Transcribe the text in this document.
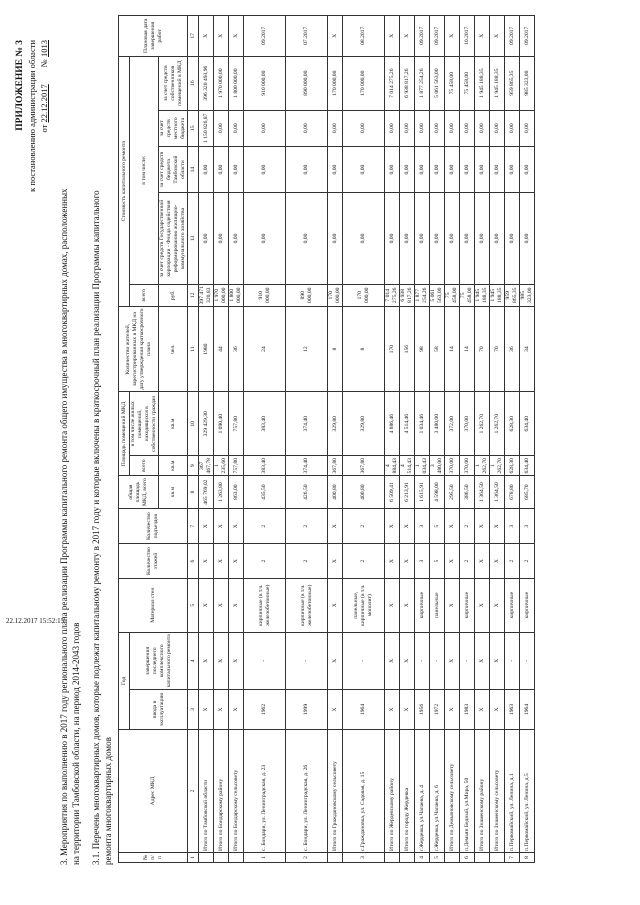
ПРИЛОЖЕНИЕ № 3 к постановлению администрации области от 22.12.2017        № 1013
3. Мероприятия по выполнению в 2017 году регионального плана реализации Программы капитального ремонта общего имущества в многоквартирных домах, расположенных на территории Тамбовской области, на период 2014-2043 годов 3.1. Перечень многоквартирных домов, которые подлежат капитальному ремонту в 2017 году и которые включены в краткосрочный план реализации Программы капитального ремонта многоквартирных домов	№ п/п	Адрес МКД	Год		Материал стен	Количество этажей	Количество подъездов	общая площадь МКД, всего	Площадь помещений МКД		Количество жителей, зарегистрированных в МКД на дату утверждения краткосрочного плана	Стоимость капитального ремонта					Плановая дата завершения работ
		ввода в эксплуатацию	завершения последнего комплексного капитального ремонта					всего	в том числе жилых помещений, находящихся в собственности граждан		всего	в том числе:				
							кв.м	кв.м	кв.м	чел.	руб.	за счет средств Государственной корпорации - Фонда содействия реформированию жилищно-коммунального хозяйства	за счет средств бюджета Тамбовской области	за счет средств местного бюджета	за счет средств собственников помещений в МКД	
1	2	3	4	5	6	7	8	9	10	11	12	13	14	15	16	17
	Итого по Тамбовской области	Х	Х	Х	Х	Х	465 769,02	367 467,78	329 429,30	1980	397 471 320,83	0,00	0,00	1 150 826,87	396 320 493,96	Х
	Итого по Бондарскому району	Х	Х	Х	Х	Х	1 263,80	1 235,60	1 090,40	44	1 970 000,00	0,00	0,00	0,00	1 970 000,00	Х
	Итого по Бондарскому сельсовету	Х	Х	Х	Х	Х	863,00	757,80	757,80	36	1 800 000,00	0,00	0,00	0,00	1 800 000,00	Х
1	с. Бондари, ул. Ленинградская, д. 23	1962	-	кирпичные (в т.ч. железобетонные)	2	2	435,50	383,40	383,40	24	910 000,00	0,00	0,00	0,00	910 000,00	09.2017
2	с. Бондари, ул. Ленинградская, д. 26	1999	-	кирпичные (в т.ч. железобетонные)	2	2	426,50	374,40	374,40	12	890 000,00	0,00	0,00	0,00	890 000,00	07.2017
	Итого по Граждановскому сельсовету	Х	Х	Х	Х	Х	400,80	367,80	329,80	8	170 000,00	0,00	0,00	0,00	170 000,00	Х
3	с.Граждановка, ул. Садовая, д. 15	1964	-	панельные, кирпичные (в т.ч. монолит)	2	2	400,80	367,80	329,80	8	170 000,00	0,00	0,00	0,00	170 000,00	08.2017
	Итого по Жердевскому району	Х	Х	Х	Х	Х	6 509,41	4 884,43	4 886,46	170	7 014 275,26	0,00	0,00	0,00	7 014 275,26	Х
	Итого по городу Жердевка	Х	Х	Х	Х	Х	6 213,91	4 514,43	4 514,46	156	6 938 817,26	0,00	0,00	0,00	6 938 817,26	Х
4	г.Жердевка, ул.Чапаева, д. 4	1956	-	кирпичные	3	3	1 615,91	1 034,43	1 034,46	98	1 877 254,26	0,00	0,00	0,00	1 877 254,26	09.2017
5	г.Жердевка, ул.Чапаева, д. 6	1972	-	панельные	5	5	4 598,00	3 480,00	3 480,00	58	5 061 563,00	0,00	0,00	0,00	5 061 563,00	09.2017
	Итого по Демьяновскому сельсовету	Х	Х	Х	Х	Х	295,50	370,00	372,00	14	75 458,00	0,00	0,00	0,00	75 458,00	Х
6	п.Демьян Бедный, ул.Мира, 50	1983	-	кирпичные	2	2	386,50	370,00	370,00	14	75 458,00	0,00	0,00	0,00	75 458,00	10.2017
	Итого по Знаменскому району	Х	Х	Х	Х	Х	1 364,50	1 262,70	1 262,70	70	1 945 188,35	0,00	0,00	0,00	1 945 188,35	Х
	Итого по Знаменскому сельсовету	Х	Х	Х	Х	Х	1 364,50	1 262,70	1 262,70	70	1 945 188,35	0,00	0,00	0,00	1 945 188,35	Х
7	п.Первомайский, ул. Ленина, д.1	1963	-	кирпичные	2	3	678,80	628,30	628,30	36	959 865,35	0,00	0,00	0,00	959 865,35	09.2017
8	п.Первомайский, ул. Ленина, д.5	1964	-	кирпичные	2	3	685,70	634,40	634,40	34	985 323,00	0,00	0,00	0,00	985 323,00	09.2017
22.12.2017 15:52:15
